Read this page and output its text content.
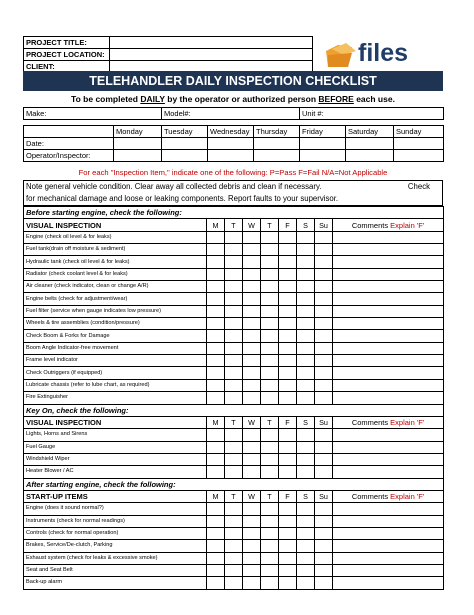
PROJECT TITLE:	
PROJECT LOCATION:	
CLIENT:		files
TELEHANDLER DAILY INSPECTION CHECKLIST
To be completed DAILY by the operator or authorized person BEFORE each use.
Make:		Model#:			Unit #:		

	Monday	Tuesday	Wednesday	Thursday	Friday	Saturday	Sunday
Date:							
Operator/Inspector:							
For each "Inspection Item," indicate one of the following: P=Pass F=Fail N/A=Not Applicable
Note general vehicle condition. Clear away all collected debris and clean if necessary.	Check
for mechanical damage and loose or leaking components. Report faults to your supervisor.
Before starting engine, check the following:								
VISUAL INSPECTION	M	T	W	T	F	S	Su	Comments Explain 'F'
Engine (check oil level & for leaks)								
Fuel tank(drain off moisture & sediment)								
Hydraulic tank (check oil level & for leaks)								
Radiator (check coolant level & for leaks)								
Air cleaner (check indicator, clean or change A/R)								
Engine belts (check for adjustment/wear)								
Fuel filter (service when gauge indicates low pressure)								
Wheels & tire assemblies (condition/pressure)								
Check Boom & Forks for Damage								
Boom Angle Indicator-free movement								
Frame level indicator								
Check Outriggers (if equipped)								
Lubricate chassis (refer to lube chart, as required)								
Fire Extinguisher								
Key On, check the following:								
VISUAL INSPECTION	M	T	W	T	F	S	Su	Comments Explain 'F'
Lights, Horns and Sirens								
Fuel Gauge								
Windshield Wiper								
Heater Blower / AC								
After starting engine, check the following:								
START-UP ITEMS	M	T	W	T	F	S	Su	Comments Explain 'F'
Engine (does it sound normal?)								
Instruments (check for normal readings)								
Controls (check for normal operation)								
Brakes, Service/De-clutch, Parking								
Exhaust system (check for leaks & excessive smoke)								
Seat and Seat Belt								
Back-up alarm								
